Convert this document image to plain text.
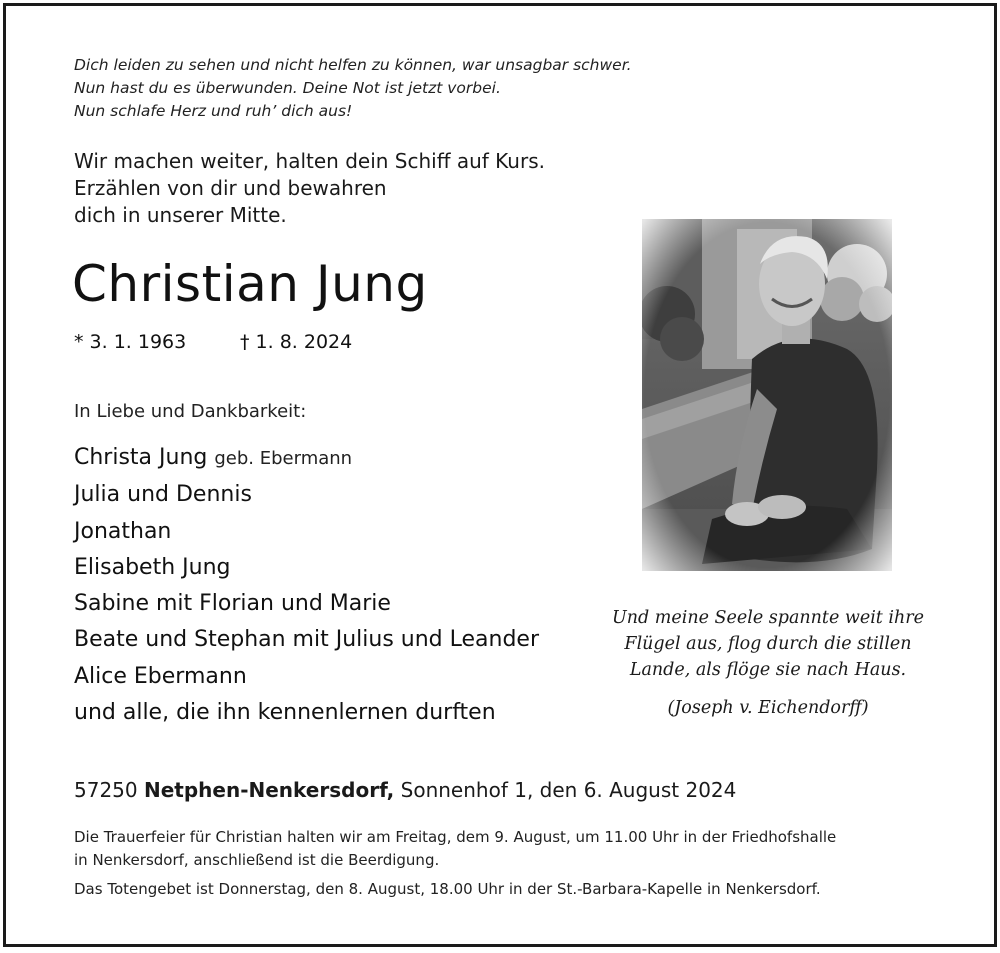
Dich leiden zu sehen und nicht helfen zu können, war unsagbar schwer.
Nun hast du es überwunden. Deine Not ist jetzt vorbei.
Nun schlafe Herz und ruh’ dich aus!
Wir machen weiter, halten dein Schiff auf Kurs.
Erzählen von dir und bewahren
dich in unserer Mitte.
Christian Jung
* 3. 1. 1963	† 1. 8. 2024
In Liebe und Dankbarkeit:
Christa Jung geb. Ebermann
Julia und Dennis
Jonathan
Elisabeth Jung
Sabine mit Florian und Marie
Beate und Stephan mit Julius und Leander
Alice Ebermann
und alle, die ihn kennenlernen durften
Und meine Seele spannte weit ihre
Flügel aus, flog durch die stillen
Lande, als flöge sie nach Haus.
(Joseph v. Eichendorff)
57250 Netphen-Nenkersdorf, Sonnenhof 1, den 6. August 2024
Die Trauerfeier für Christian halten wir am Freitag, dem 9. August, um 11.00 Uhr in der Friedhofshalle
in Nenkersdorf, anschließend ist die Beerdigung.
Das Totengebet ist Donnerstag, den 8. August, 18.00 Uhr in der St.-Barbara-Kapelle in Nenkersdorf.
